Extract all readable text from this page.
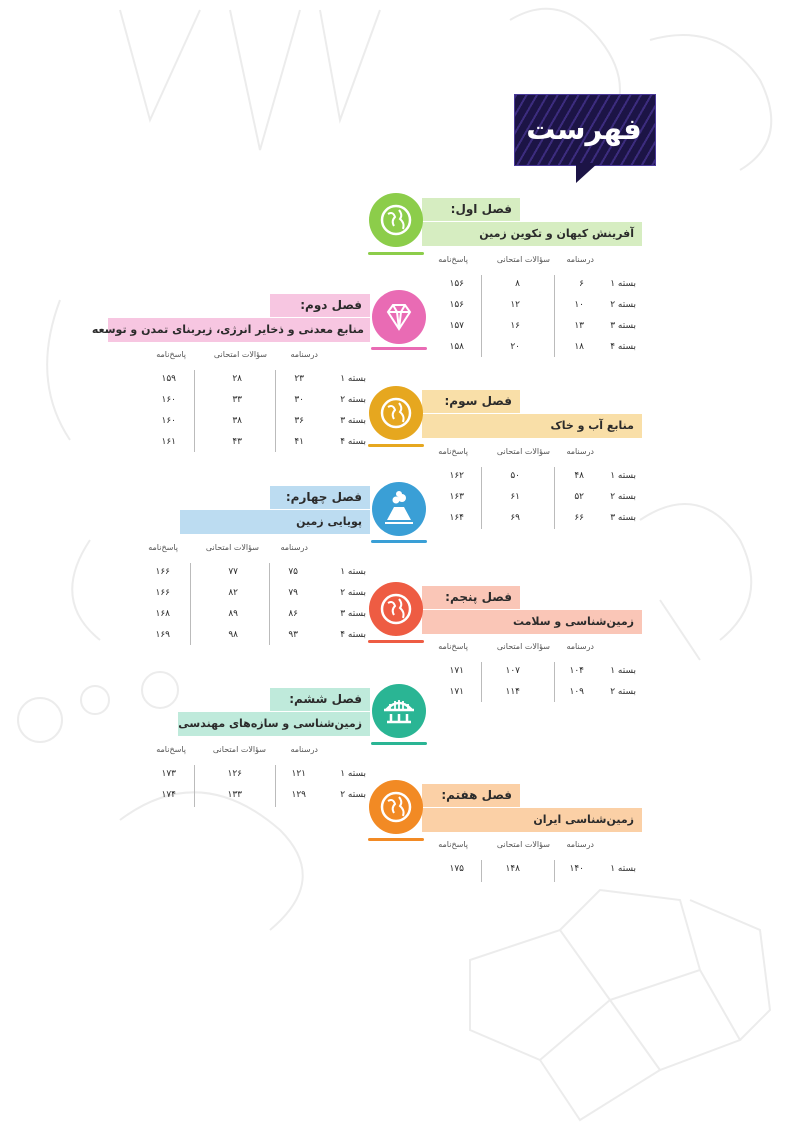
فهرست
فصل اول:
آفرینش کیهان و تکوین زمین
درسنامه
سؤالات امتحانی
پاسخ‌نامه
بسته ۱
۶
۸
۱۵۶
بسته ۲
۱۰
۱۲
۱۵۶
بسته ۳
۱۳
۱۶
۱۵۷
بسته ۴
۱۸
۲۰
۱۵۸
فصل دوم:
منابع معدنی و ذخایر انرژی، زیربنای تمدن و توسعه
درسنامه
سؤالات امتحانی
پاسخ‌نامه
بسته ۱
۲۳
۲۸
۱۵۹
بسته ۲
۳۰
۳۳
۱۶۰
بسته ۳
۳۶
۳۸
۱۶۰
بسته ۴
۴۱
۴۳
۱۶۱
فصل سوم:
منابع آب و خاک
درسنامه
سؤالات امتحانی
پاسخ‌نامه
بسته ۱
۴۸
۵۰
۱۶۲
بسته ۲
۵۲
۶۱
۱۶۳
بسته ۳
۶۶
۶۹
۱۶۴
فصل چهارم:
پویایی زمین
درسنامه
سؤالات امتحانی
پاسخ‌نامه
بسته ۱
۷۵
۷۷
۱۶۶
بسته ۲
۷۹
۸۲
۱۶۶
بسته ۳
۸۶
۸۹
۱۶۸
بسته ۴
۹۳
۹۸
۱۶۹
فصل پنجم:
زمین‌شناسی و سلامت
درسنامه
سؤالات امتحانی
پاسخ‌نامه
بسته ۱
۱۰۴
۱۰۷
۱۷۱
بسته ۲
۱۰۹
۱۱۴
۱۷۱
فصل ششم:
زمین‌شناسی و سازه‌های مهندسی
درسنامه
سؤالات امتحانی
پاسخ‌نامه
بسته ۱
۱۲۱
۱۲۶
۱۷۳
بسته ۲
۱۲۹
۱۳۳
۱۷۴	فصل هفتم:
زمین‌شناسی ایران
درسنامه
سؤالات امتحانی
پاسخ‌نامه
بسته ۱
۱۴۰
۱۴۸
۱۷۵
